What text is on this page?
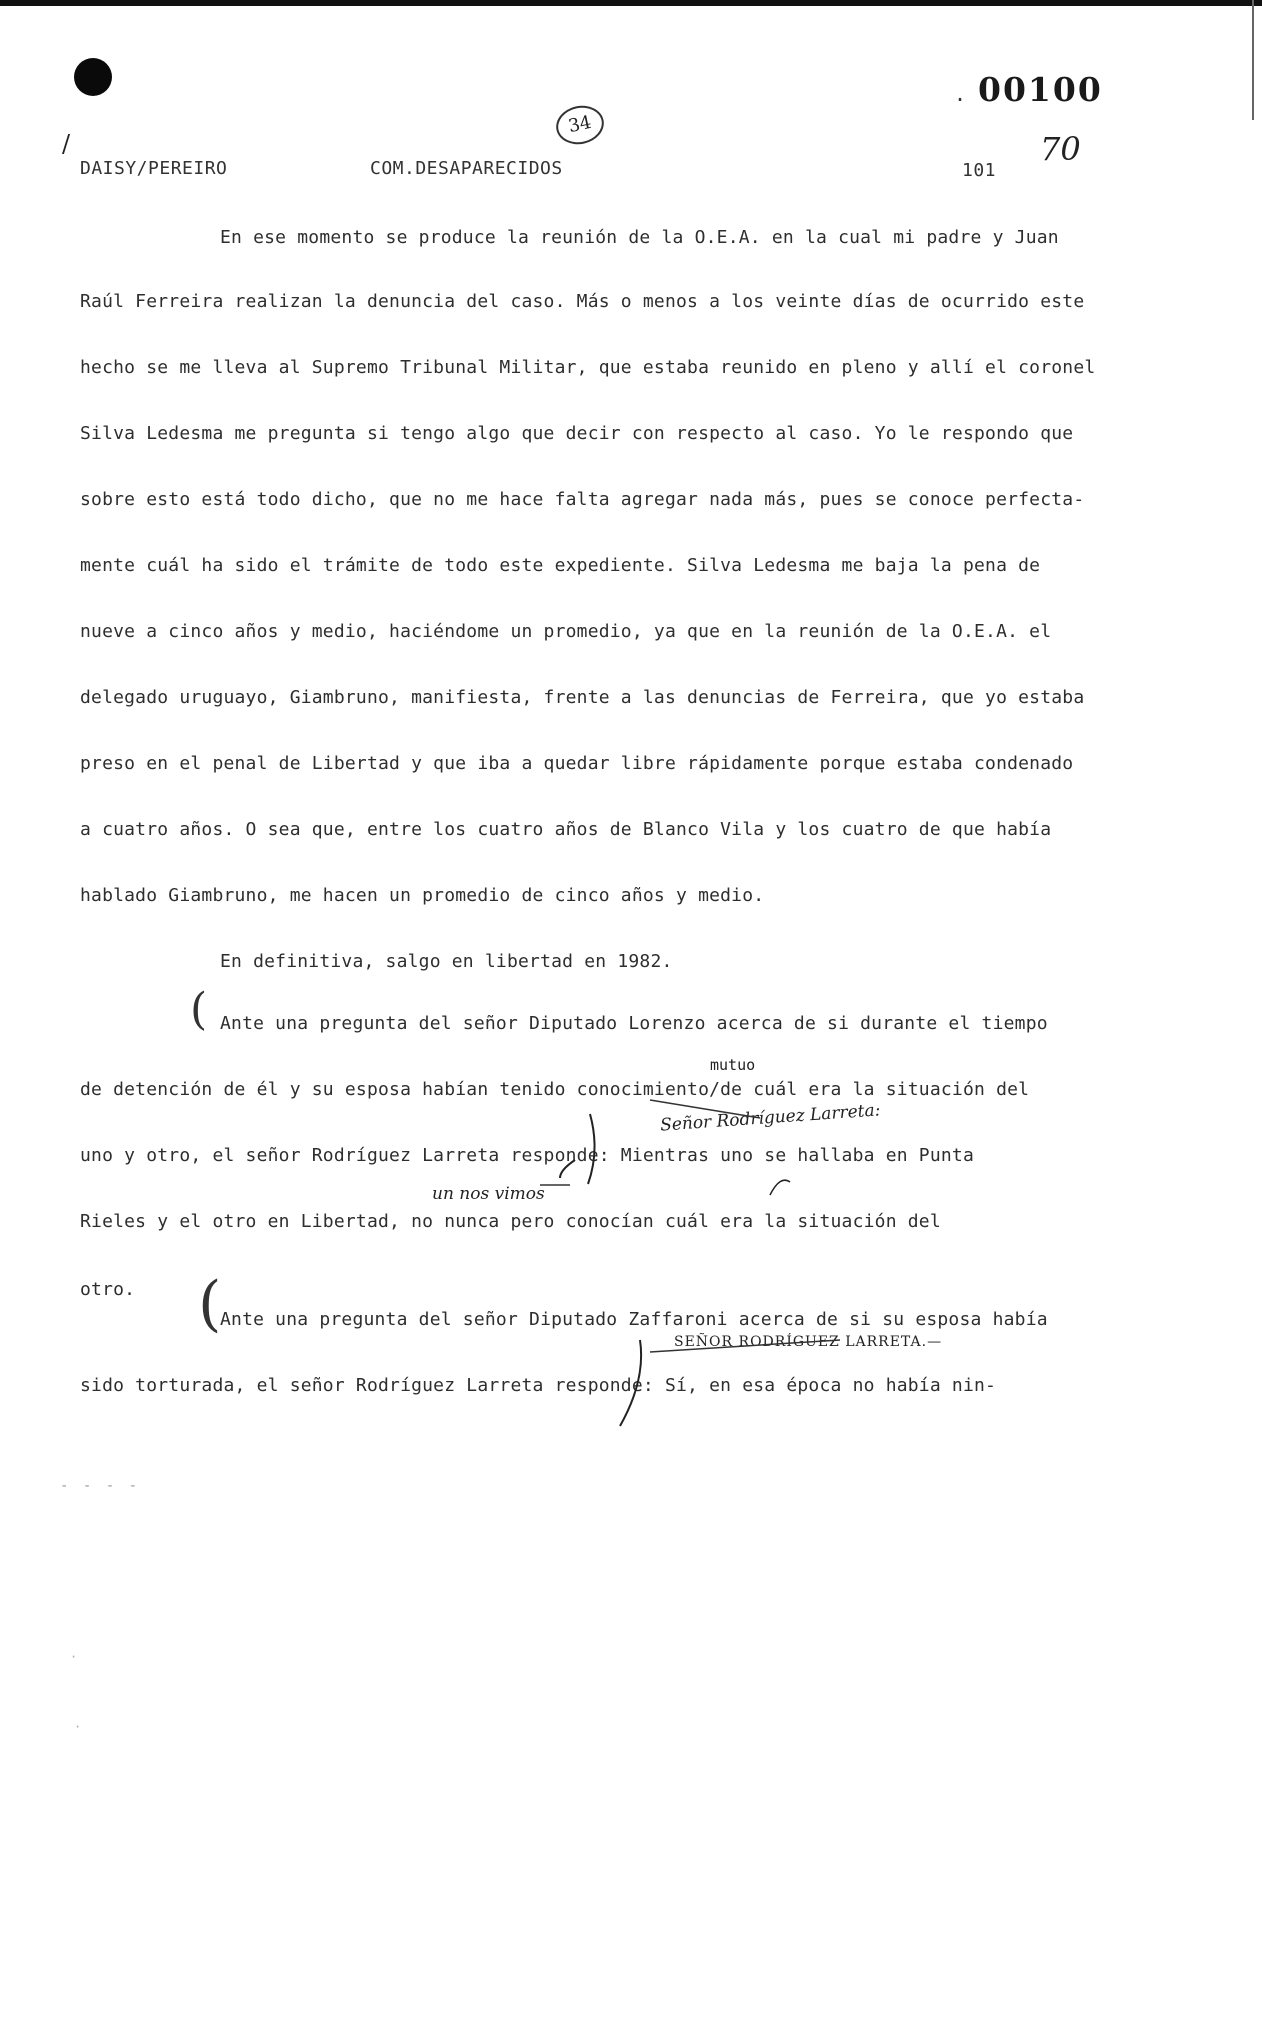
/
. 00100
34
70
DAISY/PEREIRO	COM.DESAPARECIDOS	101
En ese momento se produce la reunión de la O.E.A. en la cual mi padre y Juan
Raúl Ferreira realizan la denuncia del caso. Más o menos a los veinte días de ocurrido este
hecho se me lleva al Supremo Tribunal Militar, que estaba reunido en pleno y allí el coronel
Silva Ledesma me pregunta si tengo algo que decir con respecto al caso. Yo le respondo que
sobre esto está todo dicho, que no me hace falta agregar nada más, pues se conoce perfecta-
mente cuál ha sido el trámite de todo este expediente. Silva Ledesma me baja la pena de
nueve a cinco años y medio, haciéndome un promedio, ya que en la reunión de la O.E.A. el
delegado uruguayo, Giambruno, manifiesta, frente a las denuncias de Ferreira, que yo estaba
preso en el penal de Libertad y que iba a quedar libre rápidamente porque estaba condenado
a cuatro años. O sea que, entre los cuatro años de Blanco Vila y los cuatro de que había
hablado Giambruno, me hacen un promedio de cinco años y medio.
En definitiva, salgo en libertad en 1982.
( Ante una pregunta del señor Diputado Lorenzo acerca de si durante el tiempo
mutuo
de detención de él y su esposa habían tenido conocimiento/de cuál era la situación del
Señor Rodríguez Larreta:
uno y otro, el señor Rodríguez Larreta responde: Mientras uno se hallaba en Punta
un nos vimos
Rieles y el otro en Libertad, no nunca pero conocían cuál era la situación del
otro.	(
Ante una pregunta del señor Diputado Zaffaroni acerca de si su esposa había
SEÑOR RODRÍGUEZ LARRETA.—
sido torturada, el señor Rodríguez Larreta responde: Sí, en esa época no había nin-
- - - -
·
·
